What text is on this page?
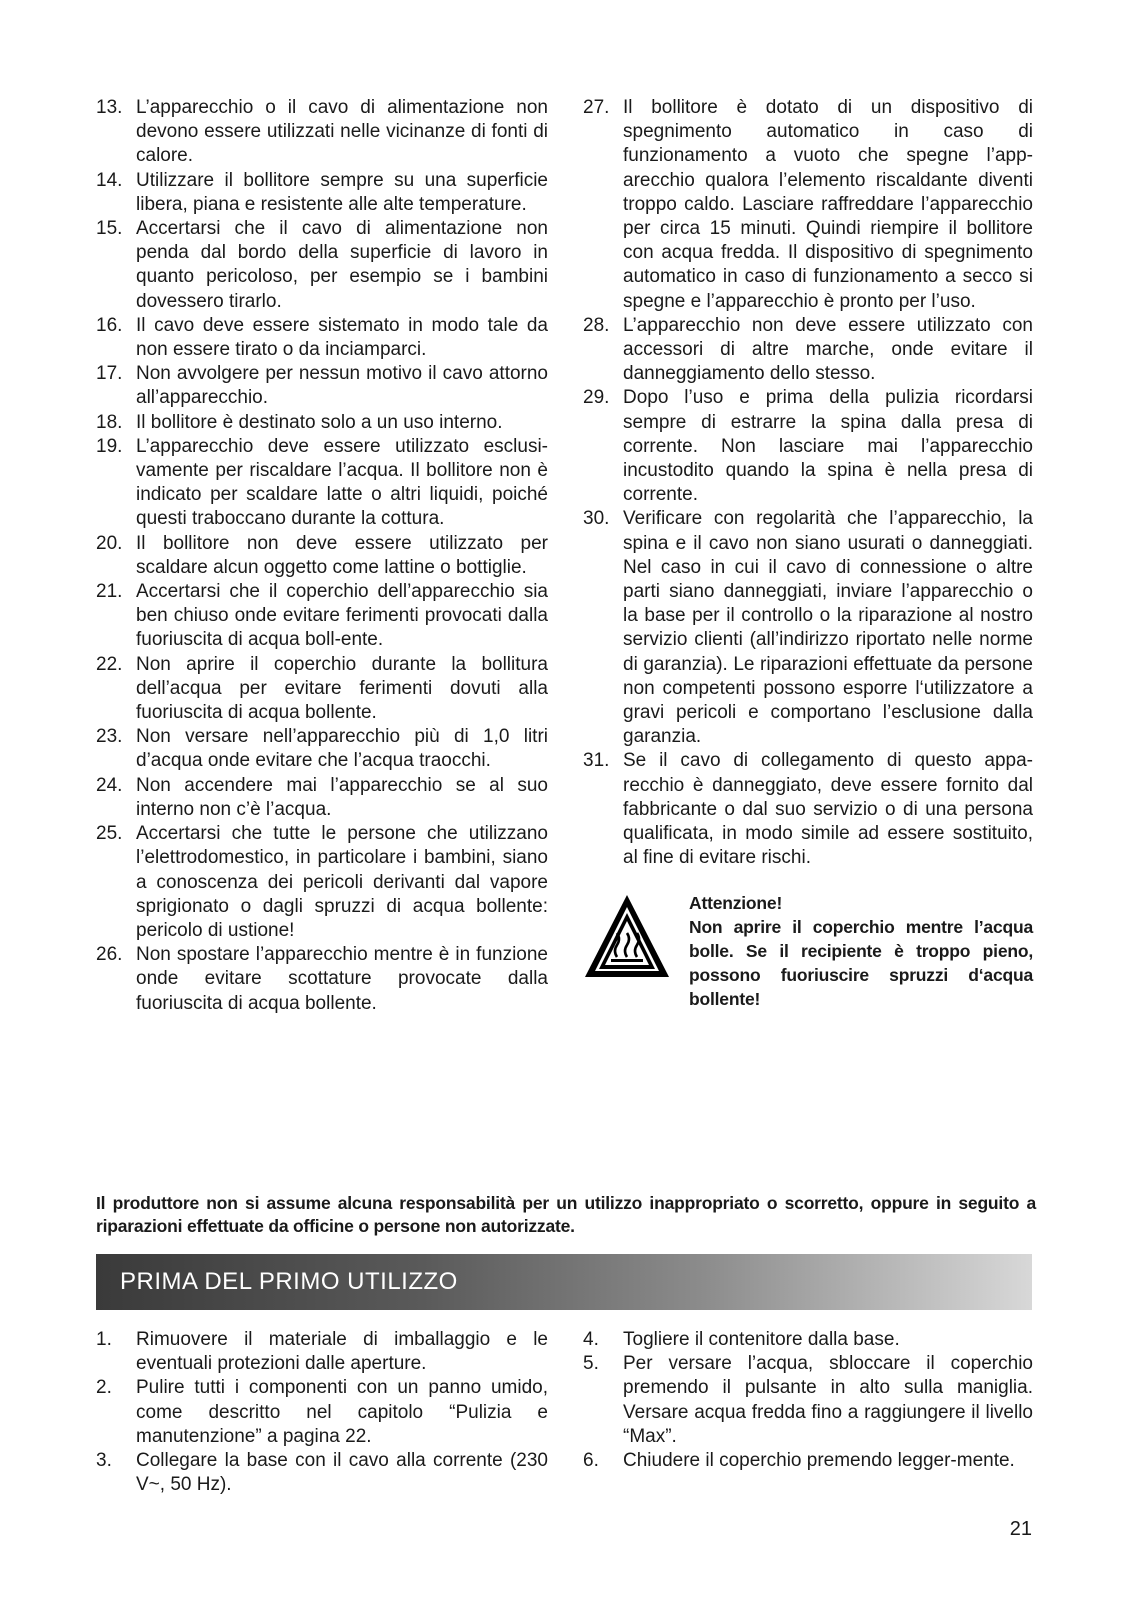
13. L’apparecchio o il cavo di alimentazione non devono essere utilizzati nelle vicinanze di fonti di calore.
14. Utilizzare il bollitore sempre su una superficie libera, piana e resistente alle alte temperature.
15. Accertarsi che il cavo di alimentazione non penda dal bordo della superficie di lavoro in quanto pericoloso, per esempio se i bambini dovessero tirarlo.
16. Il cavo deve essere sistemato in modo tale da non essere tirato o da inciamparci.
17. Non avvolgere per nessun motivo il cavo attorno all’apparecchio.
18. Il bollitore è destinato solo a un uso interno.
19. L’apparecchio deve essere utilizzato esclusi-vamente per riscaldare l’acqua. Il bollitore non è indicato per scaldare latte o altri liquidi, poiché questi traboccano durante la cottura.
20. Il bollitore non deve essere utilizzato per scaldare alcun oggetto come lattine o bottiglie.
21. Accertarsi che il coperchio dell’apparecchio sia ben chiuso onde evitare ferimenti provocati dalla fuoriuscita di acqua boll-ente.
22. Non aprire il coperchio durante la bollitura dell’acqua per evitare ferimenti dovuti alla fuoriuscita di acqua bollente.
23. Non versare nell’apparecchio più di 1,0 litri d’acqua onde evitare che l’acqua traocchi.
24. Non accendere mai l’apparecchio se al suo interno non c’è l’acqua.
25. Accertarsi che tutte le persone che utilizzano l’elettrodomestico, in particolare i bambini, siano a conoscenza dei pericoli derivanti dal vapore sprigionato o dagli spruzzi di acqua bollente: pericolo di ustione!
26. Non spostare l’apparecchio mentre è in funzione onde evitare scottature provocate dalla fuoriuscita di acqua bollente.
27. Il bollitore è dotato di un dispositivo di spegnimento automatico in caso di funzionamento a vuoto che spegne l’app-arecchio qualora l’elemento riscaldante diventi troppo caldo. Lasciare raffreddare l’apparecchio per circa 15 minuti. Quindi riempire il bollitore con acqua fredda. Il dispositivo di spegnimento automatico in caso di funzionamento a secco si spegne e l’apparecchio è pronto per l’uso.
28. L’apparecchio non deve essere utilizzato con accessori di altre marche, onde evitare il danneggiamento dello stesso.
29. Dopo l’uso e prima della pulizia ricordarsi sempre di estrarre la spina dalla presa di corrente. Non lasciare mai l’apparecchio incustodito quando la spina è nella presa di corrente.
30. Verificare con regolarità che l’apparecchio, la spina e il cavo non siano usurati o danneggiati. Nel caso in cui il cavo di connessione o altre parti siano danneggiati, inviare l’apparecchio o la base per il controllo o la riparazione al nostro servizio clienti (all’indirizzo riportato nelle norme di garanzia). Le riparazioni effettuate da persone non competenti possono esporre l‘utilizzatore a gravi pericoli e comportano l’esclusione dalla garanzia.
31. Se il cavo di collegamento di questo appa-recchio è danneggiato, deve essere fornito dal fabbricante o dal suo servizio o di una persona qualificata, in modo simile ad essere sostituito, al fine di evitare rischi.
Attenzione!
Non aprire il coperchio mentre l’acqua bolle. Se il recipiente è troppo pieno, possono fuoriuscire spruzzi d‘acqua bollente!
Il produttore non si assume alcuna responsabilità per un utilizzo inappropriato o scorretto, oppure in seguito a riparazioni effettuate da officine o persone non autorizzate.
PRIMA DEL PRIMO UTILIZZO
1.	Rimuovere il materiale di imballaggio e le eventuali protezioni dalle aperture.
2.	Pulire tutti i componenti con un panno umido, come descritto nel capitolo “Pulizia e manutenzione” a pagina 22.
3.	Collegare la base con il cavo alla corrente (230 V~, 50 Hz).
4.	Togliere il contenitore dalla base.
5.	Per versare l’acqua, sbloccare il coperchio premendo il pulsante in alto sulla maniglia. Versare acqua fredda fino a raggiungere il livello “Max”.
6.	Chiudere il coperchio premendo legger-mente.
21
